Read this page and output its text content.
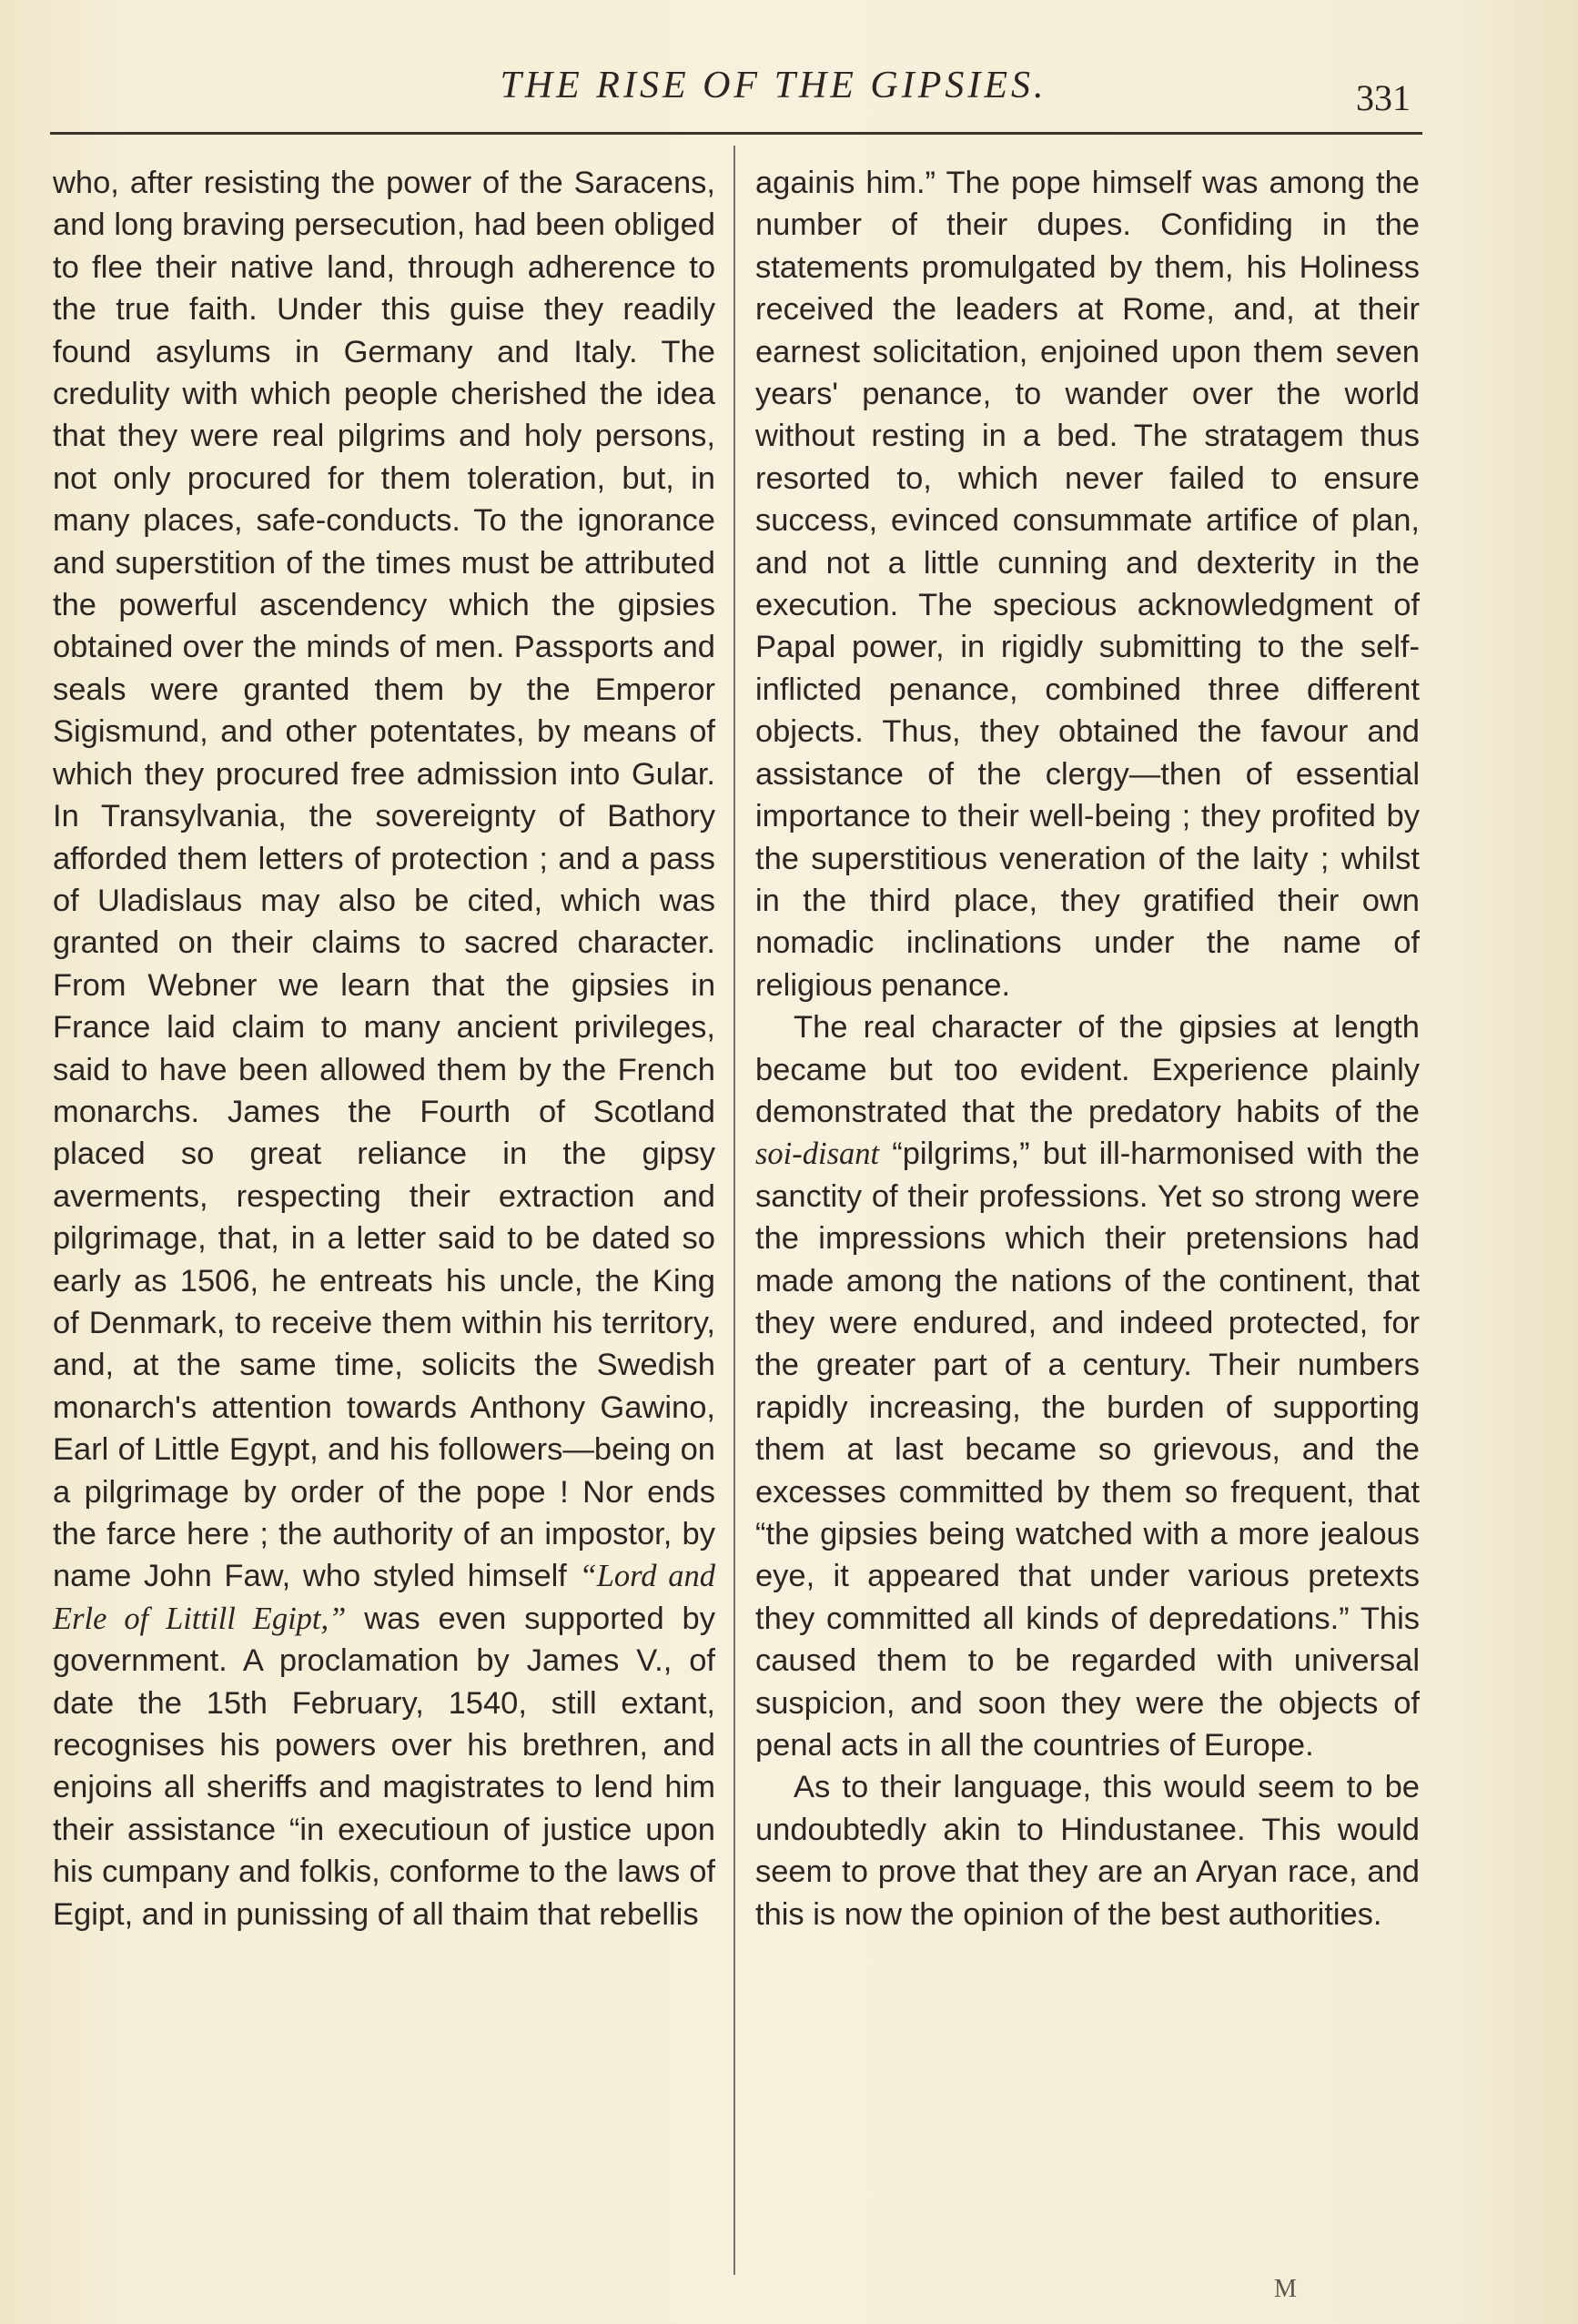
THE RISE OF THE GIPSIES.	331

who, after resisting the power of the Saracens, and long braving persecution, had been obliged to flee their native land, through adherence to the true faith. Under this guise they readily found asylums in Germany and Italy. The credulity with which people cherished the idea that they were real pilgrims and holy persons, not only procured for them toleration, but, in many places, safe-conducts. To the ignorance and superstition of the times must be attributed the powerful ascendency which the gipsies obtained over the minds of men. Passports and seals were granted them by the Emperor Sigismund, and other potentates, by means of which they procured free admission into Gular. In Transylvania, the sovereignty of Bathory afforded them letters of protection ; and a pass of Uladislaus may also be cited, which was granted on their claims to sacred character. From Webner we learn that the gipsies in France laid claim to many ancient privileges, said to have been allowed them by the French monarchs. James the Fourth of Scotland placed so great reliance in the gipsy averments, respecting their extraction and pilgrimage, that, in a letter said to be dated so early as 1506, he entreats his uncle, the King of Denmark, to receive them within his territory, and, at the same time, solicits the Swedish monarch's attention towards Anthony Gawino, Earl of Little Egypt, and his followers—being on a pilgrimage by order of the pope ! Nor ends the farce here ; the authority of an impostor, by name John Faw, who styled himself “Lord and Erle of Littill Egipt,” was even supported by government. A proclamation by James V., of date the 15th February, 1540, still extant, recognises his powers over his brethren, and enjoins all sheriffs and magistrates to lend him their assistance “in executioun of justice upon his cumpany and folkis, conforme to the laws of Egipt, and in punissing of all thaim that rebellis

againis him.” The pope himself was among the number of their dupes. Confiding in the statements promulgated by them, his Holiness received the leaders at Rome, and, at their earnest solicitation, enjoined upon them seven years' penance, to wander over the world without resting in a bed. The stratagem thus resorted to, which never failed to ensure success, evinced consummate artifice of plan, and not a little cunning and dexterity in the execution. The specious acknowledgment of Papal power, in rigidly submitting to the self-inflicted penance, combined three different objects. Thus, they obtained the favour and assistance of the clergy—then of essential importance to their well-being ; they profited by the superstitious veneration of the laity ; whilst in the third place, they gratified their own nomadic inclinations under the name of religious penance.

The real character of the gipsies at length became but too evident. Experience plainly demonstrated that the predatory habits of the soi-disant “pilgrims,” but ill-harmonised with the sanctity of their professions. Yet so strong were the impressions which their pretensions had made among the nations of the continent, that they were endured, and indeed protected, for the greater part of a century. Their numbers rapidly increasing, the burden of supporting them at last became so grievous, and the excesses committed by them so frequent, that “the gipsies being watched with a more jealous eye, it appeared that under various pretexts they committed all kinds of depredations.” This caused them to be regarded with universal suspicion, and soon they were the objects of penal acts in all the countries of Europe.

As to their language, this would seem to be undoubtedly akin to Hindustanee. This would seem to prove that they are an Aryan race, and this is now the opinion of the best authorities.

M
